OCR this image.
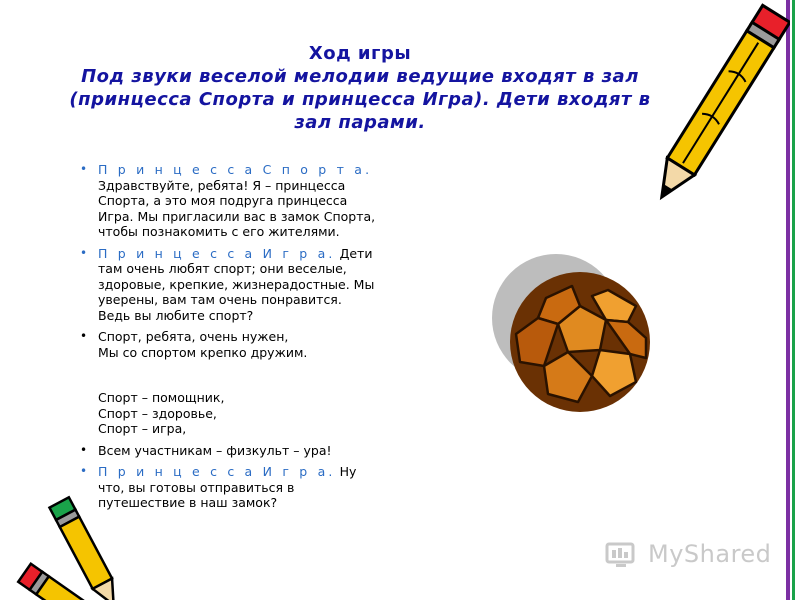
Ход игры
Под звуки веселой мелодии ведущие входят в зал (принцесса Спорта и принцесса Игра). Дети входят в зал парами.
• П р и н ц е с с а С п о р т а. Здравствуйте, ребята! Я – принцесса Спорта, а это моя подруга принцесса Игра. Мы пригласили вас в замок Спорта, чтобы познакомить с его жителями.
• П р и н ц е с с а И г р а. Дети там очень любят спорт; они веселые, здоровые, крепкие, жизнерадостные. Мы уверены, вам там очень понравится. Ведь вы любите спорт?
• Спорт, ребята, очень нужен,
Мы со спортом крепко дружим.
Спорт – помощник,
Спорт – здоровье,
Спорт – игра,
• Всем участникам – физкульт – ура!
• П р и н ц е с с а И г р а. Ну что, вы готовы отправиться в путешествие в наш замок?
MyShared
